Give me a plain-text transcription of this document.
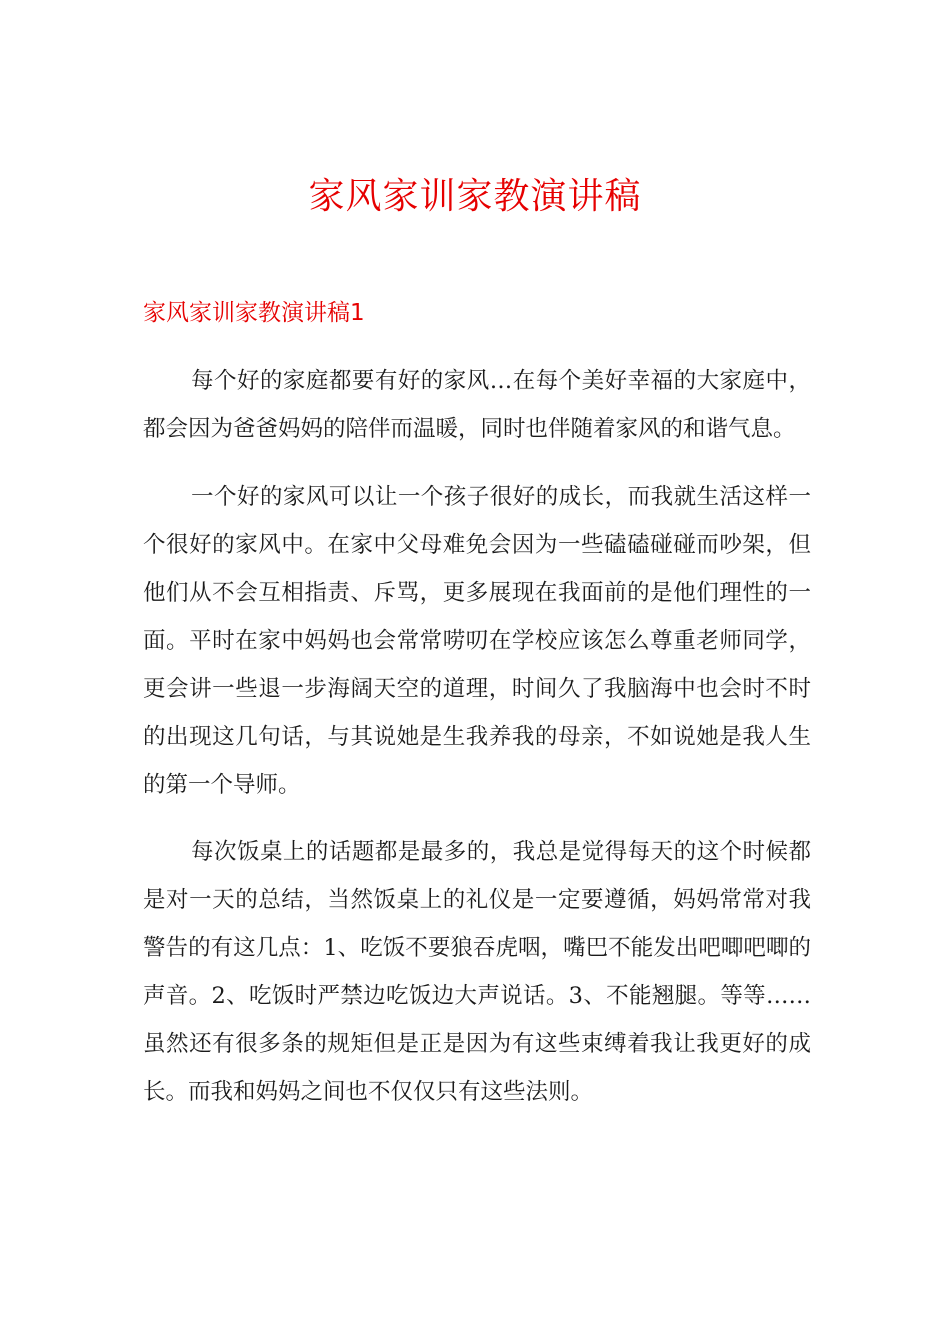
家风家训家教演讲稿
家风家训家教演讲稿1

每个好的家庭都要有好的家风…在每个美好幸福的大家庭中，都会因为爸爸妈妈的陪伴而温暖，同时也伴随着家风的和谐气息。

一个好的家风可以让一个孩子很好的成长，而我就生活这样一个很好的家风中。在家中父母难免会因为一些磕磕碰碰而吵架，但他们从不会互相指责、斥骂，更多展现在我面前的是他们理性的一面。平时在家中妈妈也会常常唠叨在学校应该怎么尊重老师同学，更会讲一些退一步海阔天空的道理，时间久了我脑海中也会时不时的出现这几句话，与其说她是生我养我的母亲，不如说她是我人生的第一个导师。

每次饭桌上的话题都是最多的，我总是觉得每天的这个时候都是对一天的总结，当然饭桌上的礼仪是一定要遵循，妈妈常常对我警告的有这几点：1、吃饭不要狼吞虎咽，嘴巴不能发出吧唧吧唧的声音。2、吃饭时严禁边吃饭边大声说话。3、不能翘腿。等等……虽然还有很多条的规矩但是正是因为有这些束缚着我让我更好的成长。而我和妈妈之间也不仅仅只有这些法则。
